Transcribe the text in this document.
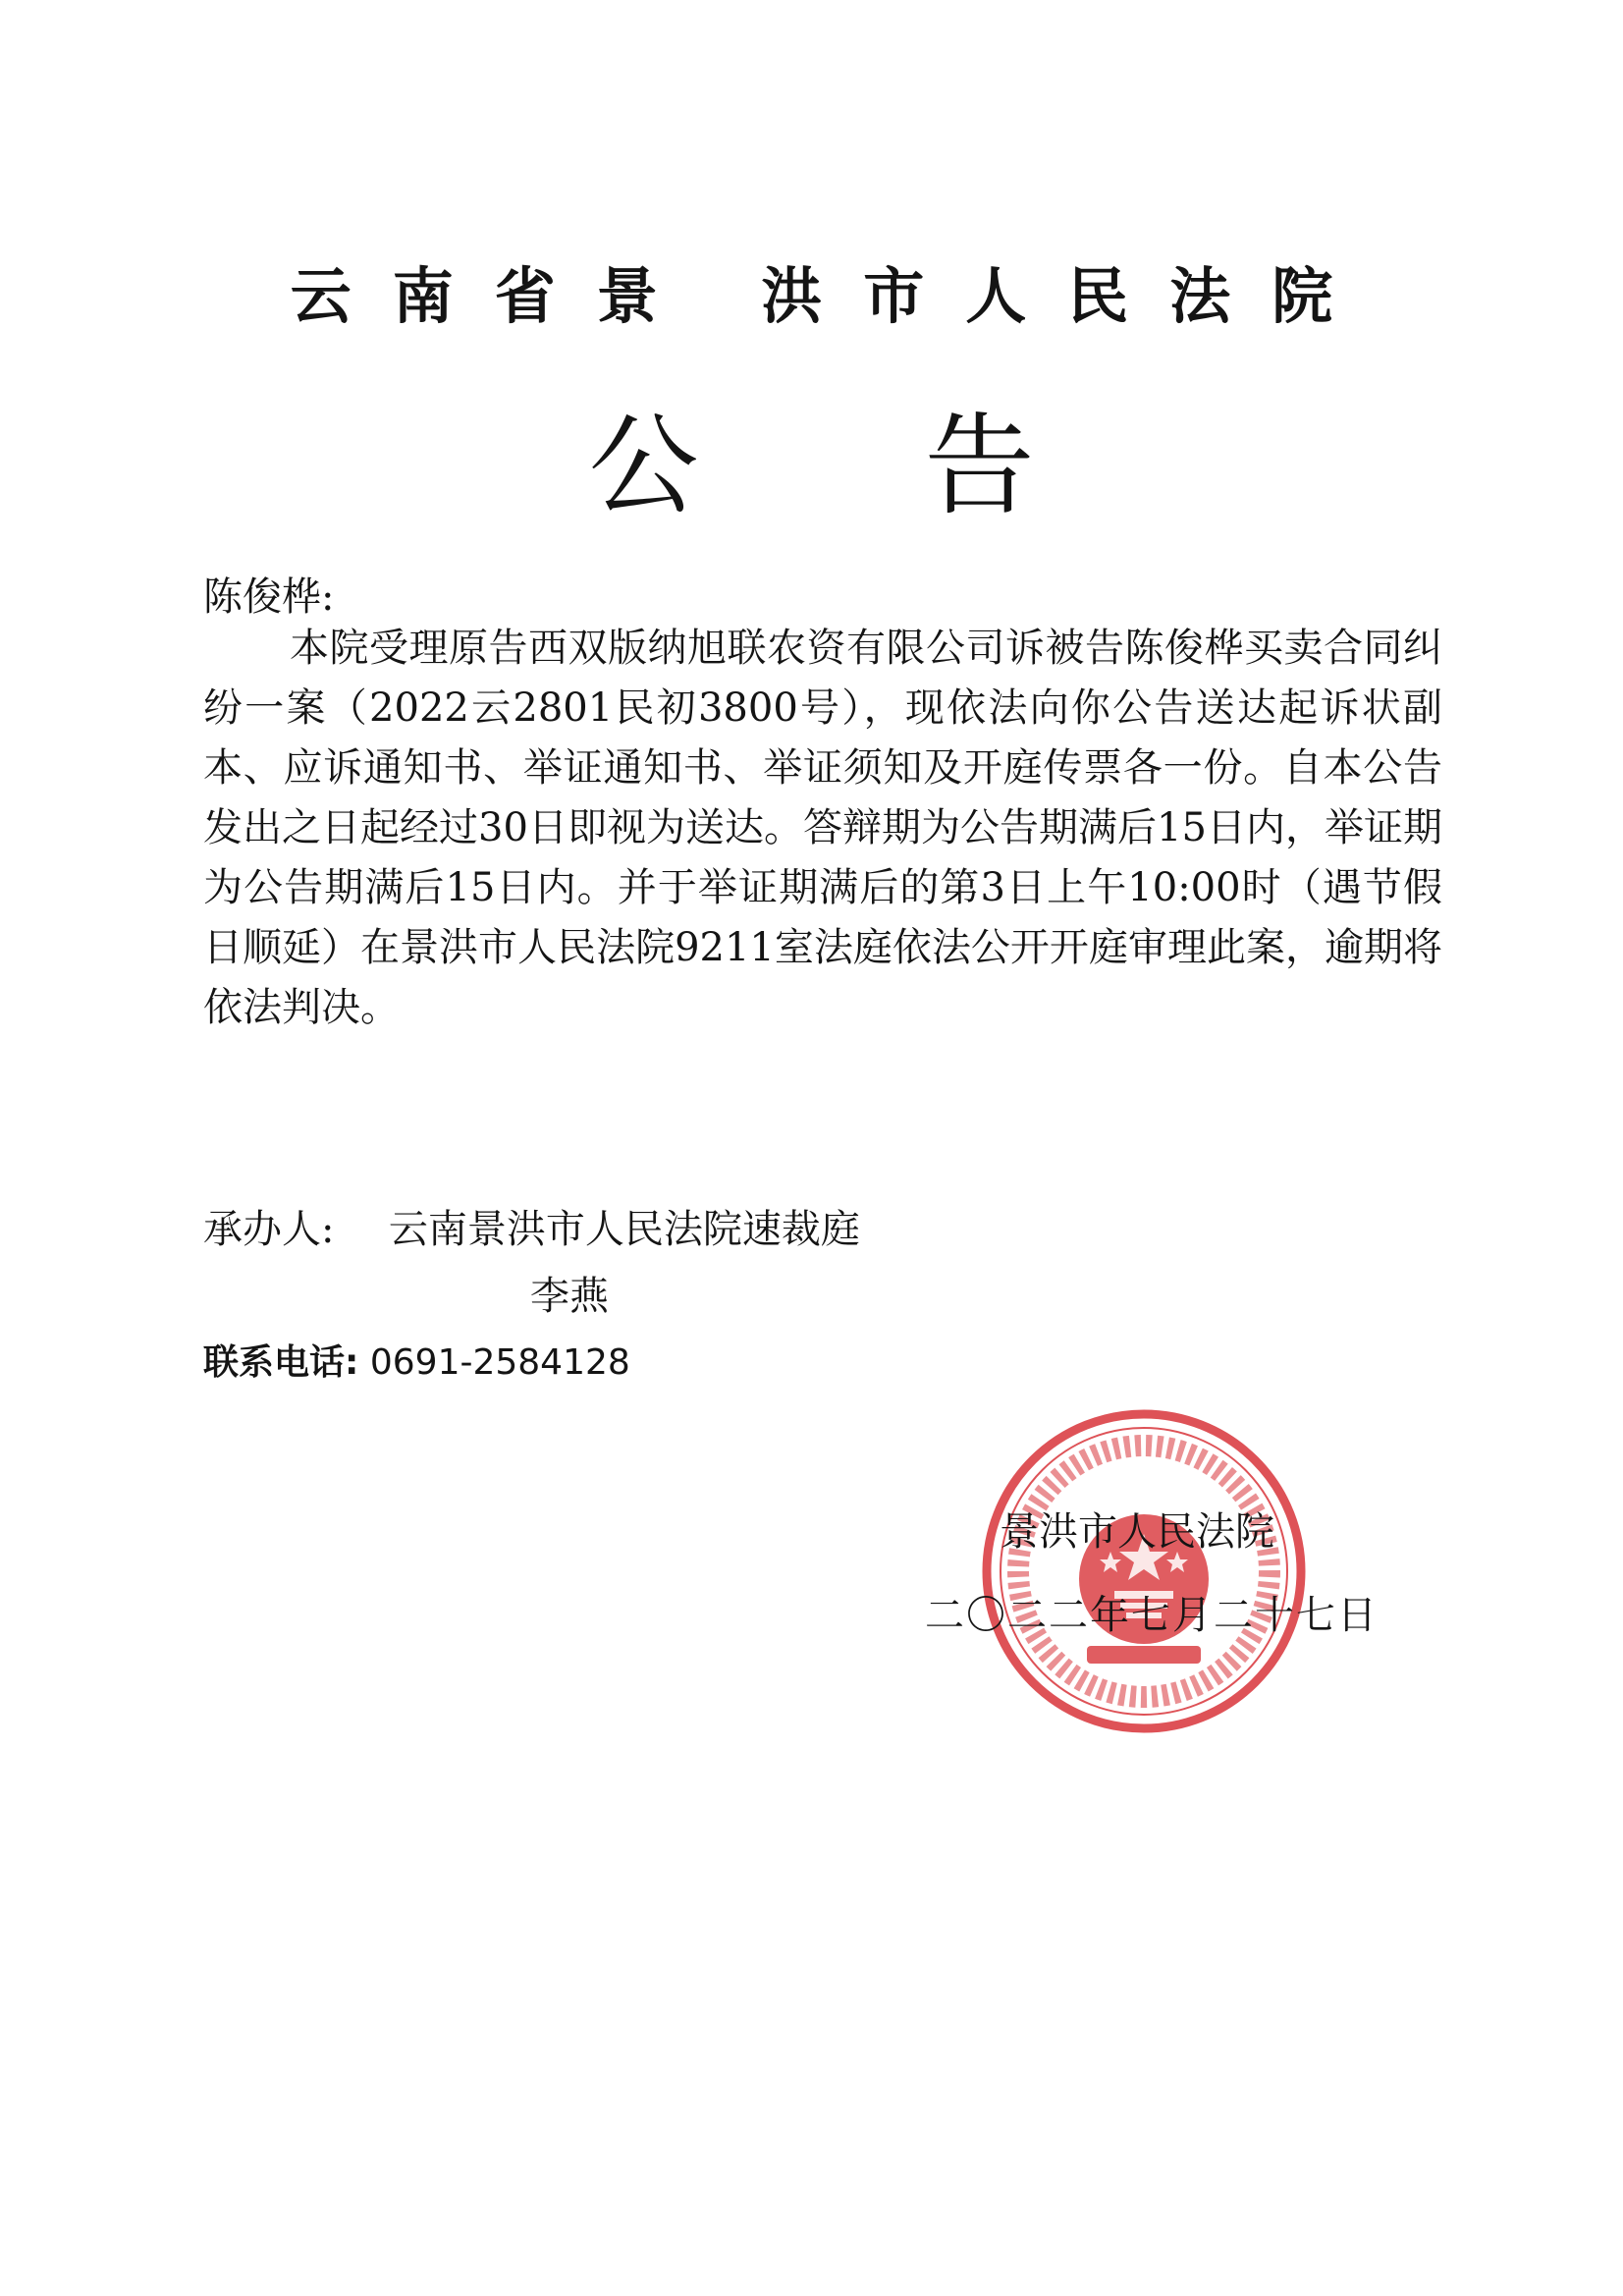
云南省景 洪市人民法院
公告
陈俊桦:
本院受理原告西双版纳旭联农资有限公司诉被告陈俊桦买卖合同纠纷一案（2022云2801民初3800号），现依法向你公告送达起诉状副本、应诉通知书、举证通知书、举证须知及开庭传票各一份。自本公告发出之日起经过30日即视为送达。答辩期为公告期满后15日内，举证期为公告期满后15日内。并于举证期满后的第3日上午10:00时（遇节假日顺延）在景洪市人民法院9211室法庭依法公开开庭审理此案，逾期将依法判决。
承办人: 云南景洪市人民法院速裁庭
李燕
联系电话: 0691-2584128
景洪市人民法院
二〇二二年七月二十七日
